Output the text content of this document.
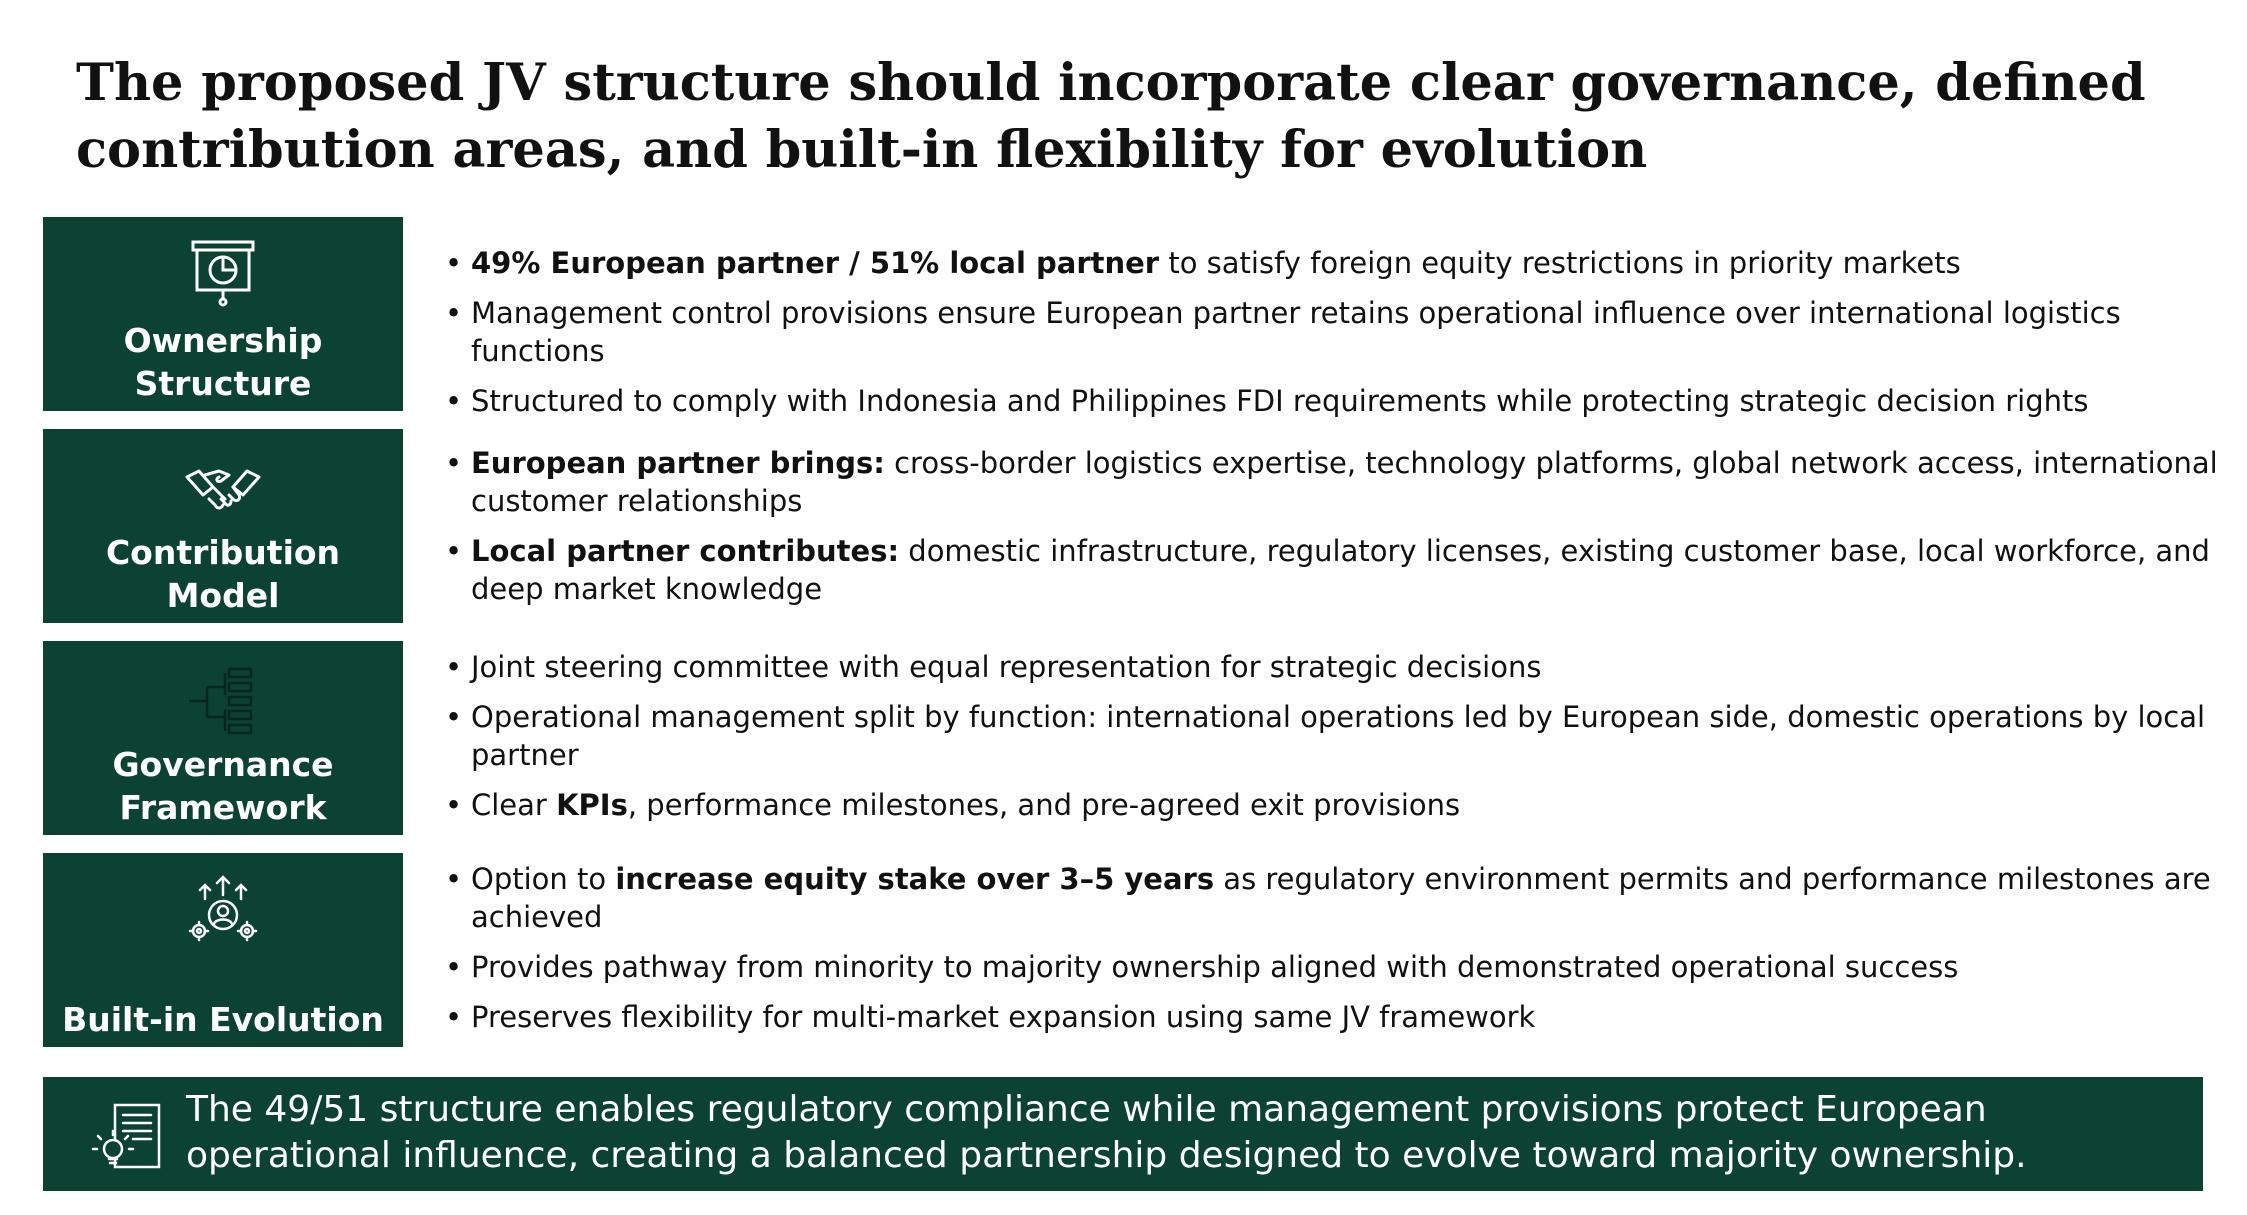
The proposed JV structure should incorporate clear governance, defined contribution areas, and built-in flexibility for evolution
Ownership Structure
• 49% European partner / 51% local partner to satisfy foreign equity restrictions in priority markets
• Management control provisions ensure European partner retains operational influence over international logistics functions
• Structured to comply with Indonesia and Philippines FDI requirements while protecting strategic decision rights
Contribution Model
• European partner brings: cross-border logistics expertise, technology platforms, global network access, international customer relationships
• Local partner contributes: domestic infrastructure, regulatory licenses, existing customer base, local workforce, and deep market knowledge
Governance Framework
• Joint steering committee with equal representation for strategic decisions
• Operational management split by function: international operations led by European side, domestic operations by local partner
• Clear KPIs, performance milestones, and pre-agreed exit provisions
Built-in Evolution
• Option to increase equity stake over 3–5 years as regulatory environment permits and performance milestones are achieved
• Provides pathway from minority to majority ownership aligned with demonstrated operational success
• Preserves flexibility for multi-market expansion using same JV framework
The 49/51 structure enables regulatory compliance while management provisions protect European operational influence, creating a balanced partnership designed to evolve toward majority ownership.
